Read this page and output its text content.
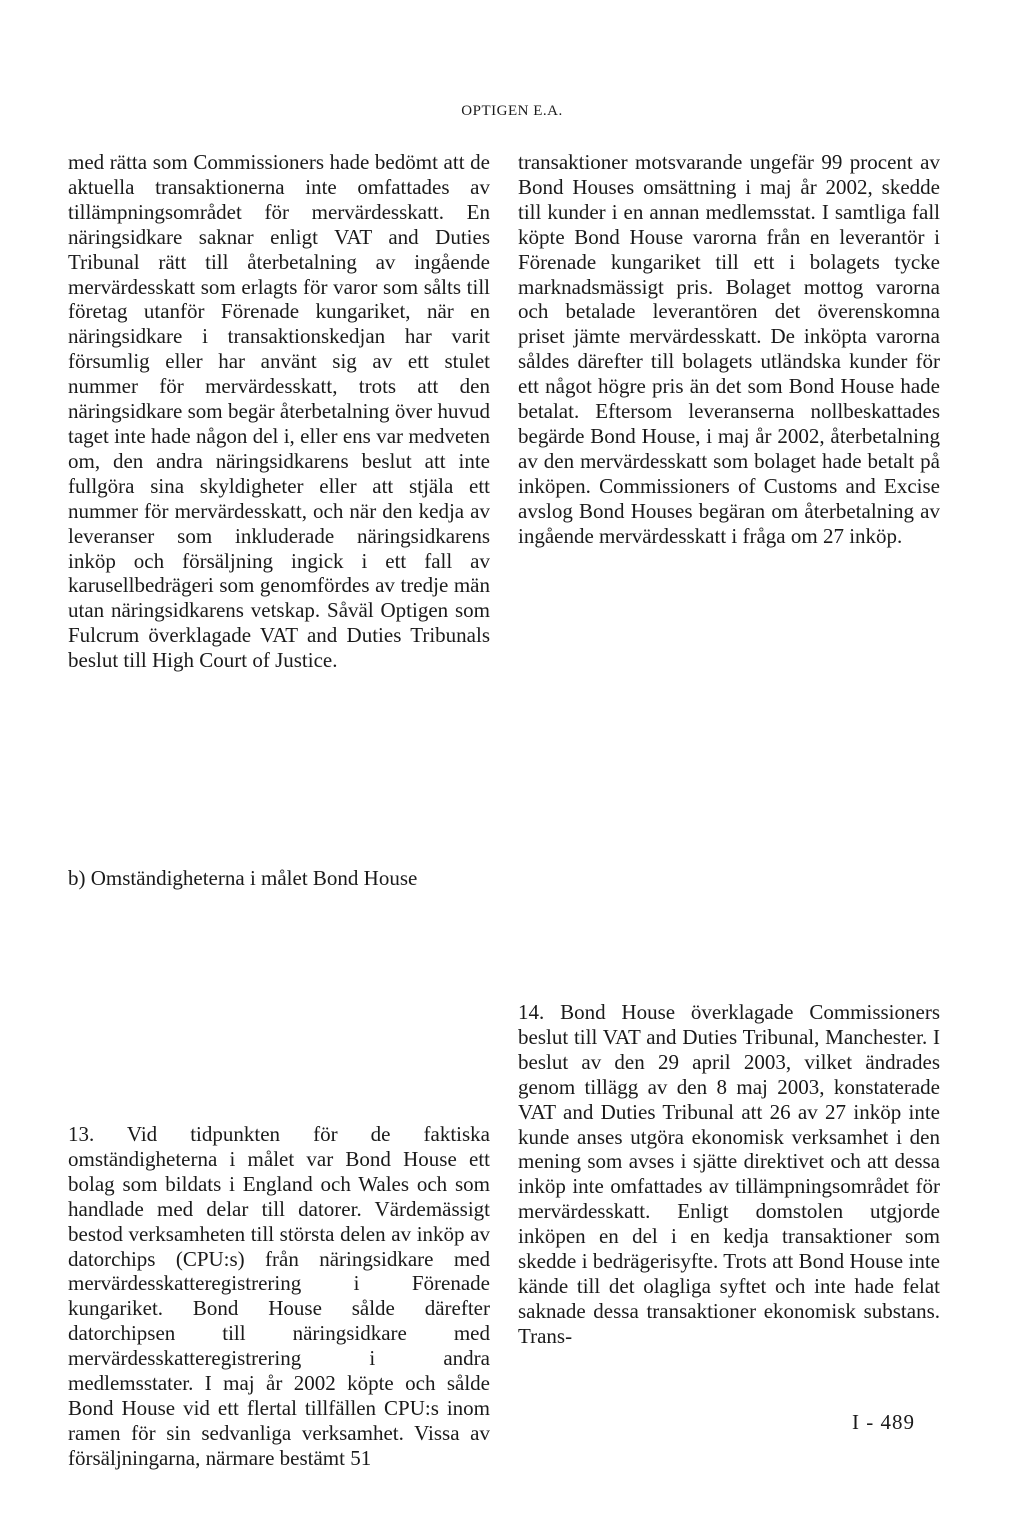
OPTIGEN E.A.

med rätta som Commissioners hade bedömt att de aktuella transaktionerna inte omfattades av tillämpningsområdet för mervärdesskatt. En näringsidkare saknar enligt VAT and Duties Tribunal rätt till återbetalning av ingående mervärdesskatt som erlagts för varor som sålts till företag utanför Förenade kungariket, när en näringsidkare i transaktionskedjan har varit försumlig eller har använt sig av ett stulet nummer för mervärdesskatt, trots att den näringsidkare som begär återbetalning över huvud taget inte hade någon del i, eller ens var medveten om, den andra näringsidkarens beslut att inte fullgöra sina skyldigheter eller att stjäla ett nummer för mervärdesskatt, och när den kedja av leveranser som inkluderade näringsidkarens inköp och försäljning ingick i ett fall av karusellbedrägeri som genomfördes av tredje män utan näringsidkarens vetskap. Såväl Optigen som Fulcrum överklagade VAT and Duties Tribunals beslut till High Court of Justice.

transaktioner motsvarande ungefär 99 procent av Bond Houses omsättning i maj år 2002, skedde till kunder i en annan medlemsstat. I samtliga fall köpte Bond House varorna från en leverantör i Förenade kungariket till ett i bolagets tycke marknadsmässigt pris. Bolaget mottog varorna och betalade leverantören det överenskomna priset jämte mervärdesskatt. De inköpta varorna såldes därefter till bolagets utländska kunder för ett något högre pris än det som Bond House hade betalat. Eftersom leveranserna nollbeskattades begärde Bond House, i maj år 2002, återbetalning av den mervärdesskatt som bolaget hade betalt på inköpen. Commissioners of Customs and Excise avslog Bond Houses begäran om återbetalning av ingående mervärdesskatt i fråga om 27 inköp.

b) Omständigheterna i målet Bond House

13. Vid tidpunkten för de faktiska omständigheterna i målet var Bond House ett bolag som bildats i England och Wales och som handlade med delar till datorer. Värdemässigt bestod verksamheten till största delen av inköp av datorchips (CPU:s) från näringsidkare med mervärdesskatteregistrering i Förenade kungariket. Bond House sålde därefter datorchipsen till näringsidkare med mervärdesskatteregistrering i andra medlemsstater. I maj år 2002 köpte och sålde Bond House vid ett flertal tillfällen CPU:s inom ramen för sin sedvanliga verksamhet. Vissa av försäljningarna, närmare bestämt 51

14. Bond House överklagade Commissioners beslut till VAT and Duties Tribunal, Manchester. I beslut av den 29 april 2003, vilket ändrades genom tillägg av den 8 maj 2003, konstaterade VAT and Duties Tribunal att 26 av 27 inköp inte kunde anses utgöra ekonomisk verksamhet i den mening som avses i sjätte direktivet och att dessa inköp inte omfattades av tillämpningsområdet för mervärdesskatt. Enligt domstolen utgjorde inköpen en del i en kedja transaktioner som skedde i bedrägerisyfte. Trots att Bond House inte kände till det olagliga syftet och inte hade felat saknade dessa transaktioner ekonomisk substans. Trans-

I - 489
